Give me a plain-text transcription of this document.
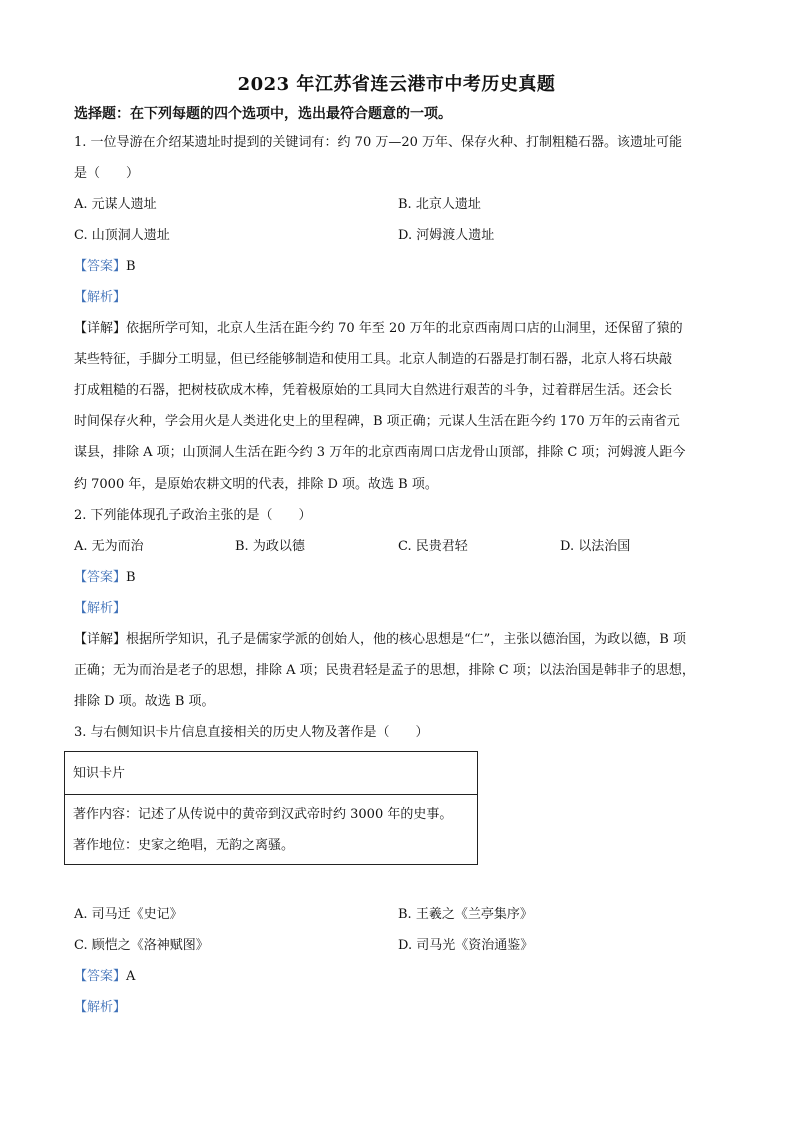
2023 年江苏省连云港市中考历史真题
选择题：在下列每题的四个选项中，选出最符合题意的一项。
1. 一位导游在介绍某遗址时提到的关键词有：约 70 万—20 万年、保存火种、打制粗糙石器。该遗址可能
是（　　）
A. 元谋人遗址	B. 北京人遗址
C. 山顶洞人遗址	D. 河姆渡人遗址
【答案】B
【解析】
【详解】依据所学可知，北京人生活在距今约 70 年至 20 万年的北京西南周口店的山洞里，还保留了猿的
某些特征，手脚分工明显，但已经能够制造和使用工具。北京人制造的石器是打制石器，北京人将石块敲
打成粗糙的石器，把树枝砍成木棒，凭着极原始的工具同大自然进行艰苦的斗争，过着群居生活。还会长
时间保存火种，学会用火是人类进化史上的里程碑，B 项正确；元谋人生活在距今约 170 万年的云南省元
谋县，排除 A 项；山顶洞人生活在距今约 3 万年的北京西南周口店龙骨山顶部，排除 C 项；河姆渡人距今
约 7000 年，是原始农耕文明的代表，排除 D 项。故选 B 项。
2. 下列能体现孔子政治主张的是（　　）
A. 无为而治	B. 为政以德	C. 民贵君轻	D. 以法治国
【答案】B
【解析】
【详解】根据所学知识，孔子是儒家学派的创始人，他的核心思想是“仁”，主张以德治国，为政以德，B 项
正确；无为而治是老子的思想，排除 A 项；民贵君轻是孟子的思想，排除 C 项；以法治国是韩非子的思想，
排除 D 项。故选 B 项。
3. 与右侧知识卡片信息直接相关的历史人物及著作是（　　）
知识卡片
著作内容：记述了从传说中的黄帝到汉武帝时约 3000 年的史事。
著作地位：史家之绝唱，无韵之离骚。
A. 司马迁《史记》	B. 王羲之《兰亭集序》
C. 顾恺之《洛神赋图》	D. 司马光《资治通鉴》
【答案】A
【解析】
